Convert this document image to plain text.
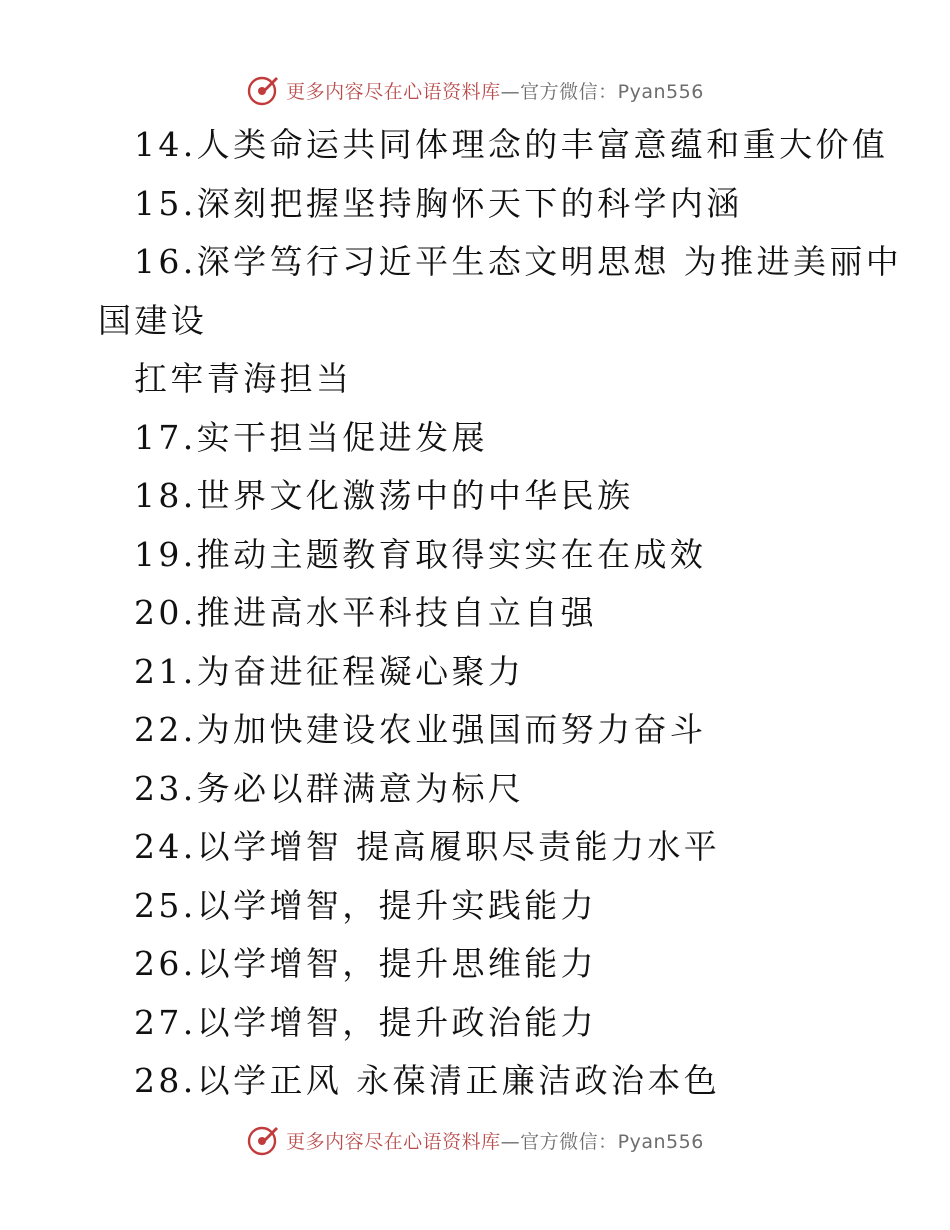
更多内容尽在心语资料库—官方微信：Pyan556
14.人类命运共同体理念的丰富意蕴和重大价值
15.深刻把握坚持胸怀天下的科学内涵
16.深学笃行习近平生态文明思想 为推进美丽中
国建设
扛牢青海担当
17.实干担当促进发展
18.世界文化激荡中的中华民族
19.推动主题教育取得实实在在成效
20.推进高水平科技自立自强
21.为奋进征程凝心聚力
22.为加快建设农业强国而努力奋斗
23.务必以群满意为标尺
24.以学增智 提高履职尽责能力水平
25.以学增智，提升实践能力
26.以学增智，提升思维能力
27.以学增智，提升政治能力
28.以学正风 永葆清正廉洁政治本色
更多内容尽在心语资料库—官方微信：Pyan556
